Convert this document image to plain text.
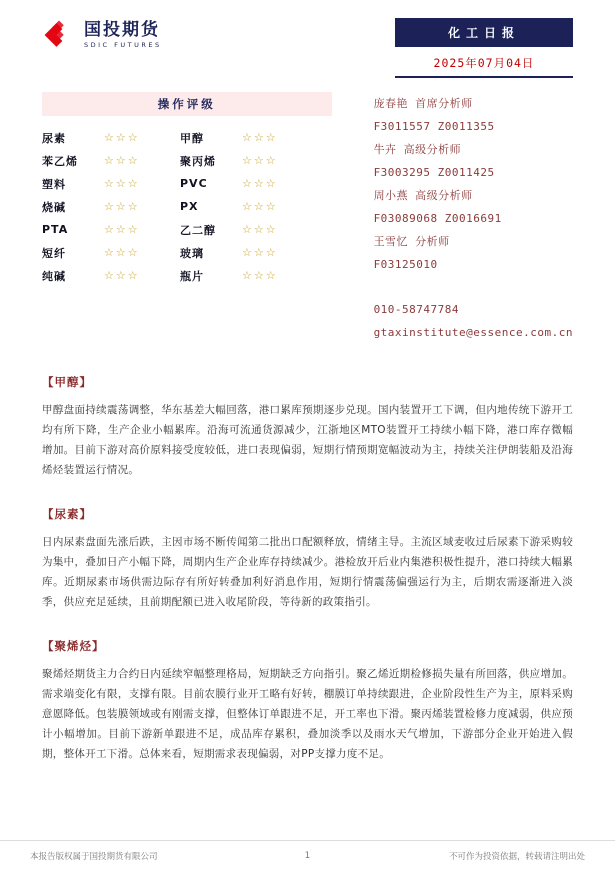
国投期货
SDIC FUTURES
化工日报
2025年07月04日
操作评级
尿素	☆☆☆	甲醇	☆☆☆
苯乙烯	☆☆☆	聚丙烯	☆☆☆
塑料	☆☆☆	PVC	☆☆☆
烧碱	☆☆☆	PX	☆☆☆
PTA	☆☆☆	乙二醇	☆☆☆
短纤	☆☆☆	玻璃	☆☆☆
纯碱	☆☆☆	瓶片	☆☆☆
庞春艳 首席分析师
F3011557 Z0011355
牛卉 高级分析师
F3003295 Z0011425
周小燕 高级分析师
F03089068 Z0016691
王雪忆 分析师
F03125010
010-58747784
gtaxinstitute@essence.com.cn
【甲醇】
甲醇盘面持续震荡调整，华东基差大幅回落，港口累库预期逐步兑现。国内装置开工下调，但内地传统下游开工均有所下降，生产企业小幅累库。沿海可流通货源减少，江浙地区MTO装置开工持续小幅下降，港口库存微幅增加。目前下游对高价原料接受度较低，进口表现偏弱，短期行情预期宽幅波动为主，持续关注伊朗装船及沿海烯烃装置运行情况。
【尿素】
日内尿素盘面先涨后跌，主因市场不断传闻第二批出口配额释放，情绪主导。主流区域麦收过后尿素下游采购较为集中，叠加日产小幅下降，周期内生产企业库存持续减少。港检放开后业内集港积极性提升，港口持续大幅累库。近期尿素市场供需边际存有所好转叠加利好消息作用，短期行情震荡偏强运行为主，后期农需逐渐进入淡季，供应充足延续，且前期配额已进入收尾阶段，等待新的政策指引。
【聚烯烃】
聚烯烃期货主力合约日内延续窄幅整理格局，短期缺乏方向指引。聚乙烯近期检修损失量有所回落，供应增加。需求端变化有限，支撑有限。目前农膜行业开工略有好转，棚膜订单持续跟进，企业阶段性生产为主，原料采购意愿降低。包装膜领域或有刚需支撑，但整体订单跟进不足，开工率也下滑。聚丙烯装置检修力度减弱，供应预计小幅增加。目前下游新单跟进不足，成品库存累积，叠加淡季以及雨水天气增加，下游部分企业开始进入假期，整体开工下滑。总体来看，短期需求表现偏弱，对PP支撑力度不足。
本报告版权属于国投期货有限公司	1	不可作为投资依据，转载请注明出处
